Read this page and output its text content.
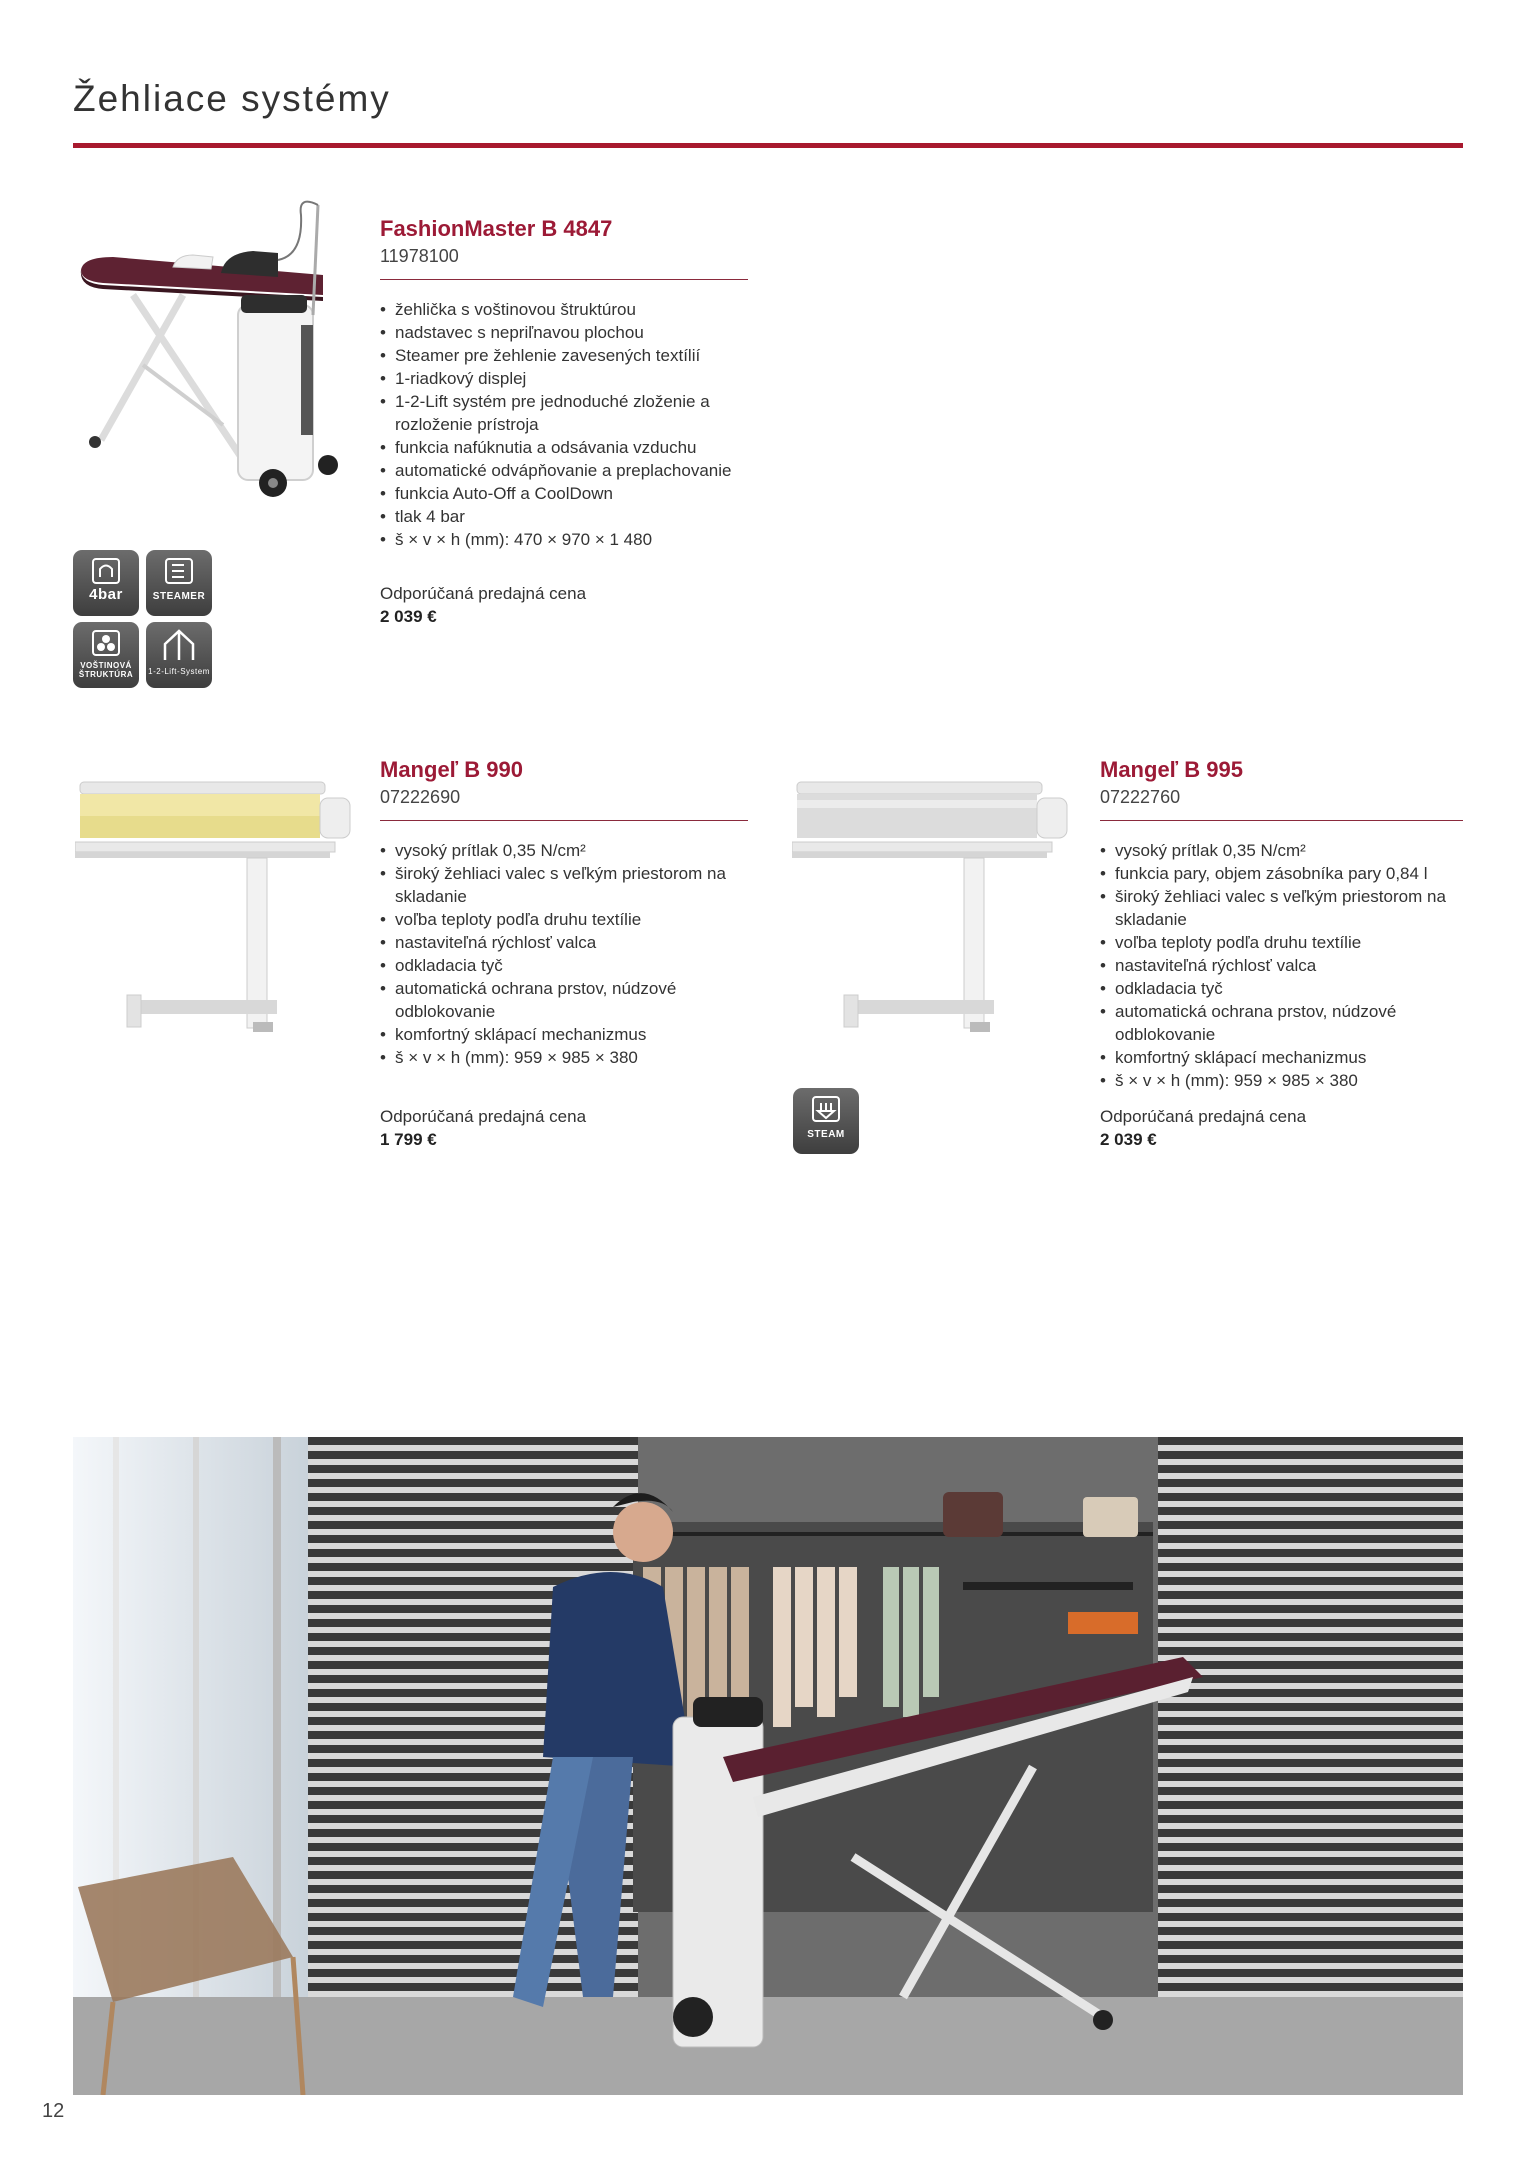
Žehliace systémy
FashionMaster B 4847
11978100
• žehlička s voštinovou štruktúrou
• nadstavec s nepriľnavou plochou
• Steamer pre žehlenie zavesených textílií
• 1-riadkový displej
• 1-2-Lift systém pre jednoduché zloženie a rozloženie prístroja
• funkcia nafúknutia a odsávania vzduchu
• automatické odvápňovanie a preplachovanie
• funkcia Auto-Off a CoolDown
• tlak 4 bar
• š × v × h (mm): 470 × 970 × 1 480
Odporúčaná predajná cena
2 039 €
4bar	STEAMER
VOŠTINOVÁ ŠTRUKTÚRA	1-2-Lift-System
Mangeľ B 990
07222690
• vysoký prítlak 0,35 N/cm²
• široký žehliaci valec s veľkým priestorom na skladanie
• voľba teploty podľa druhu textílie
• nastaviteľná rýchlosť valca
• odkladacia tyč
• automatická ochrana prstov, núdzové odblokovanie
• komfortný sklápací mechanizmus
• š × v × h (mm): 959 × 985 × 380
Odporúčaná predajná cena
1 799 €	STEAM
Mangeľ B 995
07222760
• vysoký prítlak 0,35 N/cm²
• funkcia pary, objem zásobníka pary 0,84 l
• široký žehliaci valec s veľkým priestorom na skladanie
• voľba teploty podľa druhu textílie
• nastaviteľná rýchlosť valca
• odkladacia tyč
• automatická ochrana prstov, núdzové odblokovanie
• komfortný sklápací mechanizmus
• š × v × h (mm): 959 × 985 × 380
Odporúčaná predajná cena
2 039 €
12
